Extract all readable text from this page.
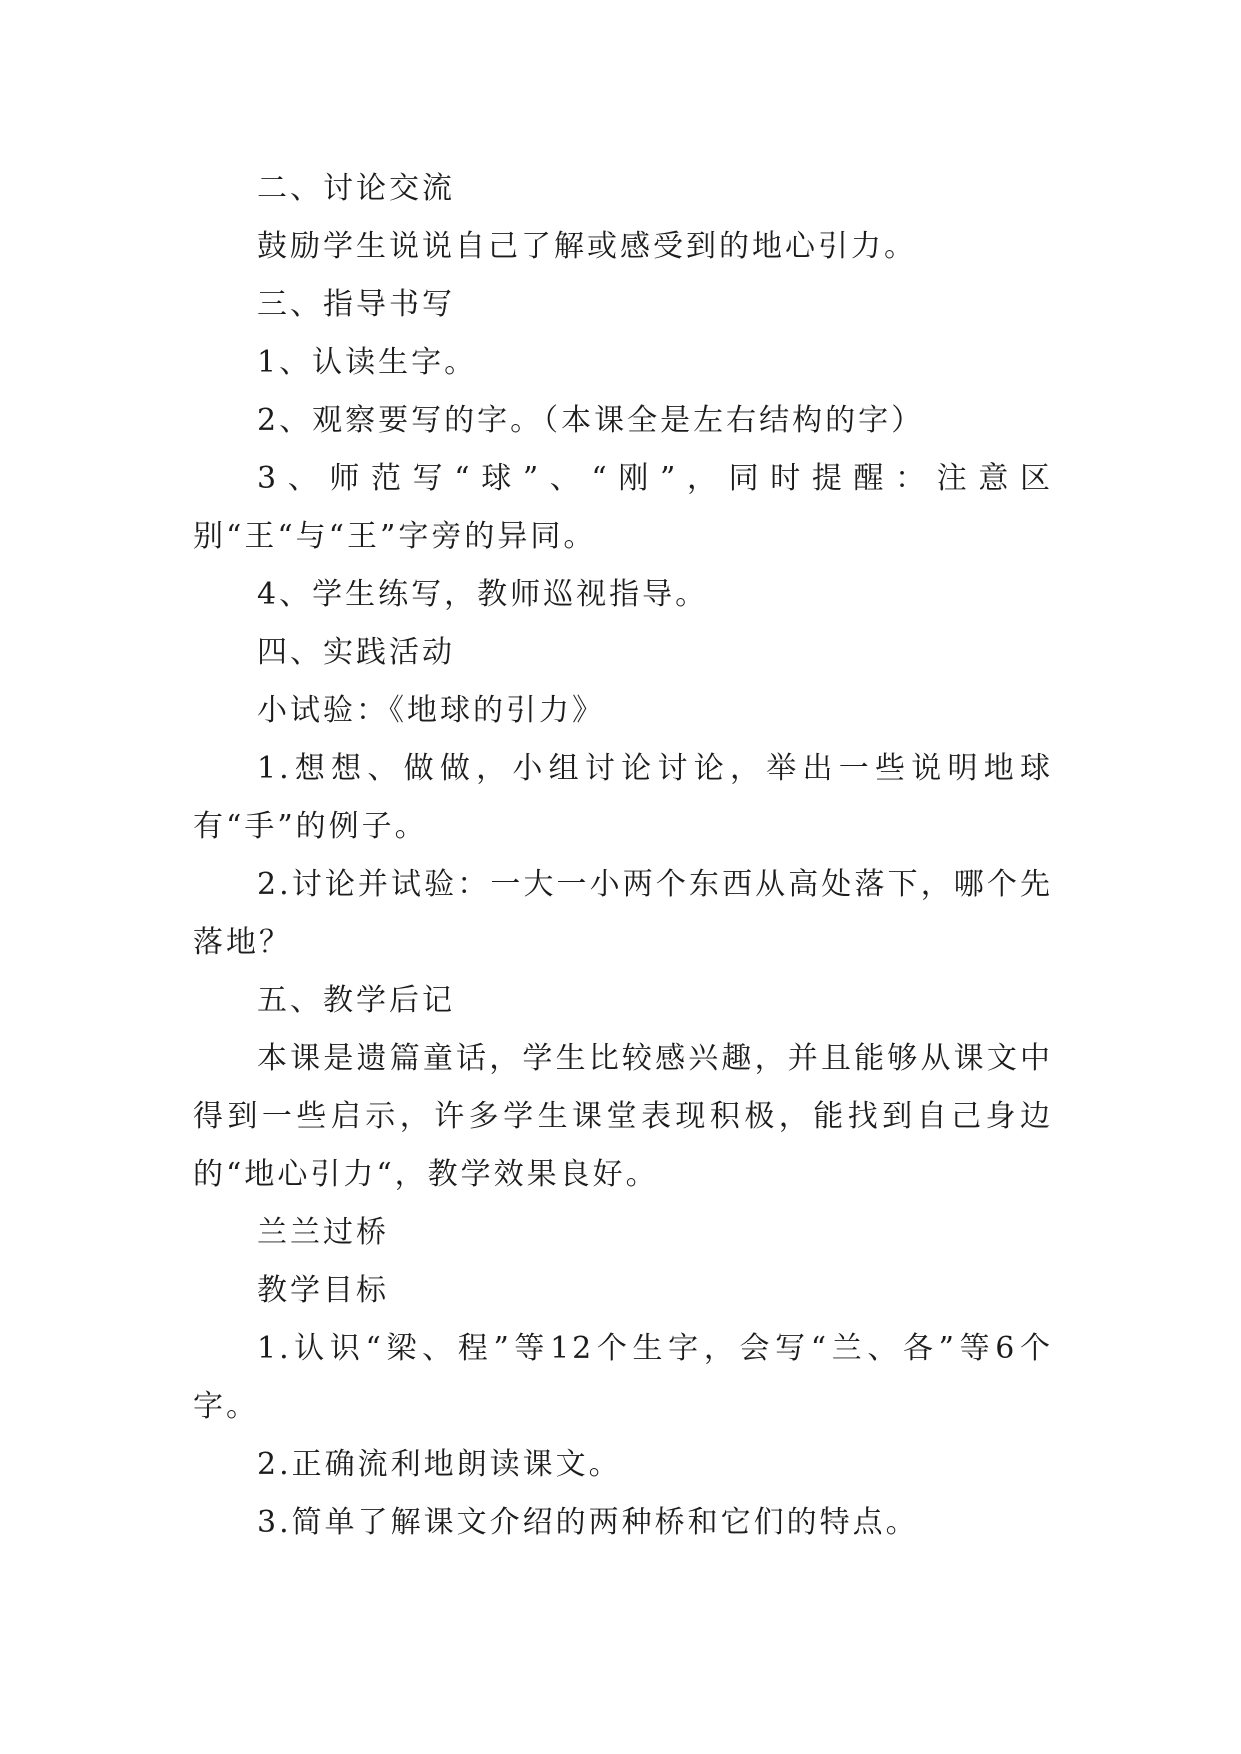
二、讨论交流

鼓励学生说说自己了解或感受到的地心引力。

三、指导书写

1、认读生字。

2、观察要写的字。（本课全是左右结构的字）

3、师范写“球”、“刚”，同时提醒：注意区别“王“与“王”字旁的异同。

4、学生练写，教师巡视指导。

四、实践活动

小试验：《地球的引力》

1.想想、做做，小组讨论讨论，举出一些说明地球有“手”的例子。

2.讨论并试验：一大一小两个东西从高处落下，哪个先落地？

五、教学后记

本课是遗篇童话，学生比较感兴趣，并且能够从课文中得到一些启示，许多学生课堂表现积极，能找到自己身边的“地心引力“，教学效果良好。

兰兰过桥

教学目标

1.认识“梁、程”等12个生字，会写“兰、各”等6个字。

2.正确流利地朗读课文。

3.简单了解课文介绍的两种桥和它们的特点。
